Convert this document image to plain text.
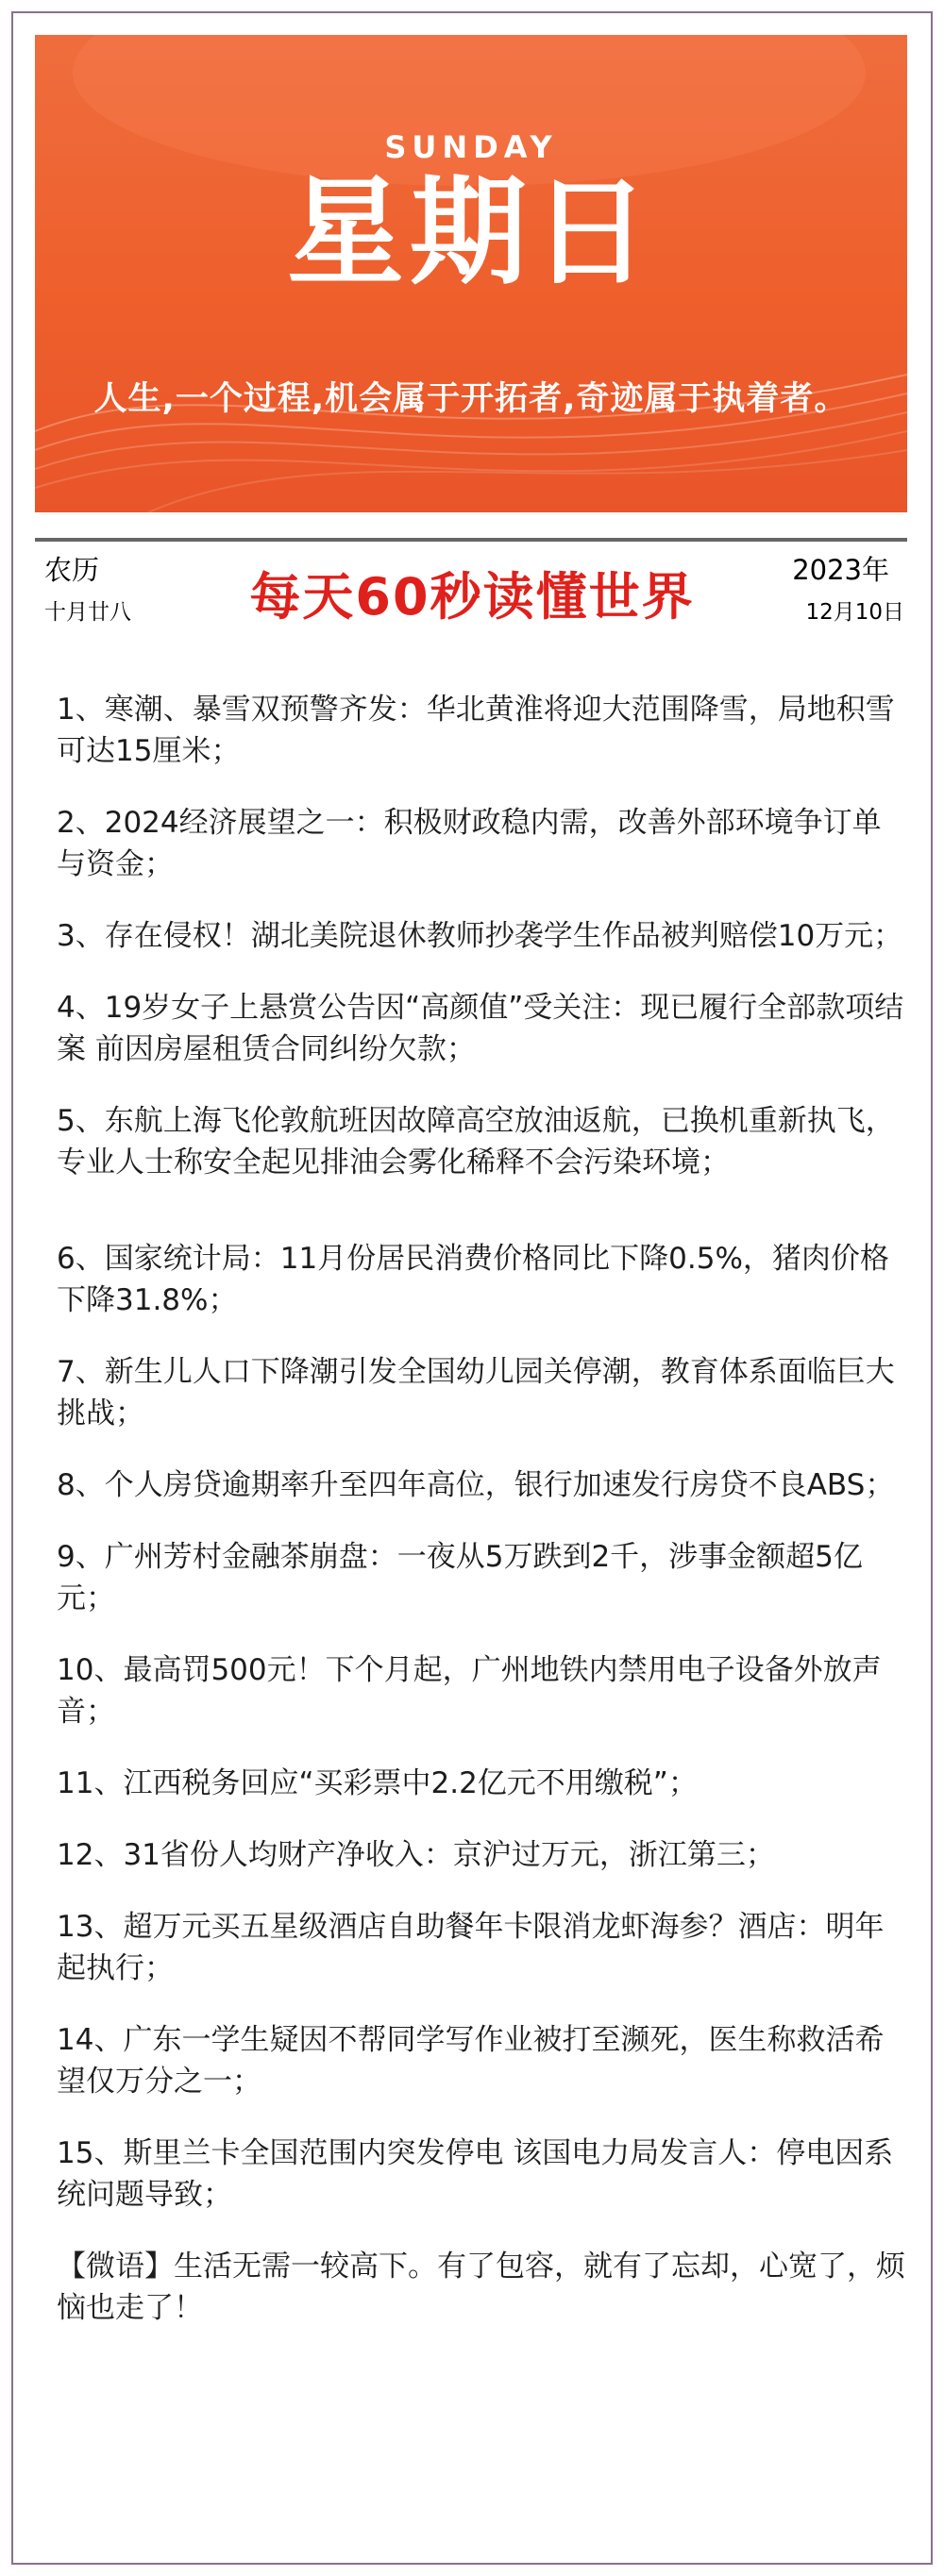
SUNDAY
星期日
人生,一个过程,机会属于开拓者,奇迹属于执着者。
农历
十月廿八	每天60秒读懂世界	2023年
12月10日
1、寒潮、暴雪双预警齐发：华北黄淮将迎大范围降雪，局地积雪可达15厘米；
2、2024经济展望之一：积极财政稳内需，改善外部环境争订单与资金；
3、存在侵权！湖北美院退休教师抄袭学生作品被判赔偿10万元；
4、19岁女子上悬赏公告因“高颜值”受关注：现已履行全部款项结案 前因房屋租赁合同纠纷欠款；
5、东航上海飞伦敦航班因故障高空放油返航，已换机重新执飞，专业人士称安全起见排油会雾化稀释不会污染环境；
6、国家统计局：11月份居民消费价格同比下降0.5%，猪肉价格下降31.8%；
7、新生儿人口下降潮引发全国幼儿园关停潮，教育体系面临巨大挑战；
8、个人房贷逾期率升至四年高位，银行加速发行房贷不良ABS；
9、广州芳村金融茶崩盘：一夜从5万跌到2千，涉事金额超5亿元；
10、最高罚500元！下个月起，广州地铁内禁用电子设备外放声音；
11、江西税务回应“买彩票中2.2亿元不用缴税”；
12、31省份人均财产净收入：京沪过万元，浙江第三；
13、超万元买五星级酒店自助餐年卡限消龙虾海参？酒店：明年起执行；
14、广东一学生疑因不帮同学写作业被打至濒死，医生称救活希望仅万分之一；
15、斯里兰卡全国范围内突发停电 该国电力局发言人：停电因系统问题导致；
【微语】生活无需一较高下。有了包容，就有了忘却，心宽了，烦恼也走了！
